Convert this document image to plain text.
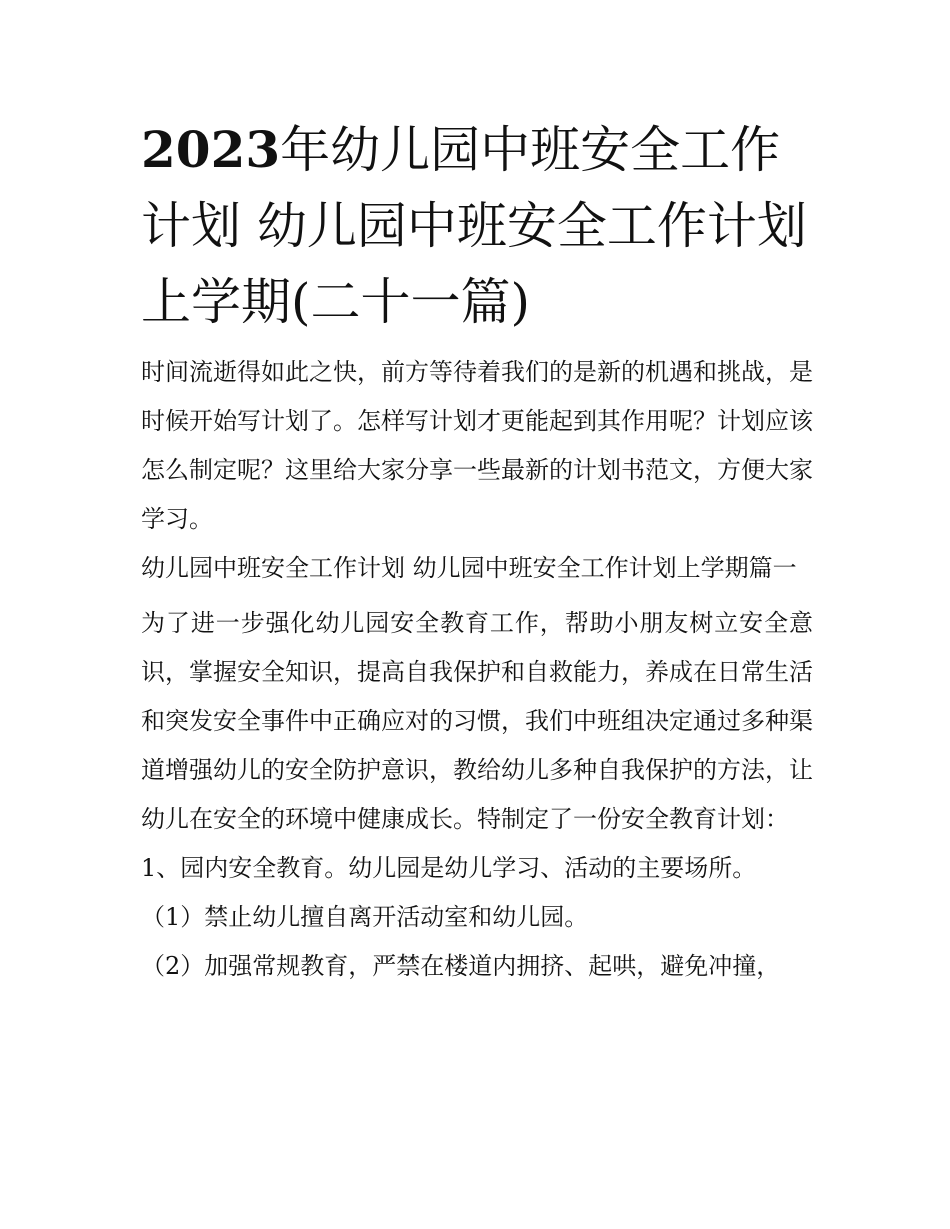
2023年幼儿园中班安全工作计划 幼儿园中班安全工作计划上学期(二十一篇)

时间流逝得如此之快，前方等待着我们的是新的机遇和挑战，是时候开始写计划了。怎样写计划才更能起到其作用呢？计划应该怎么制定呢？这里给大家分享一些最新的计划书范文，方便大家学习。

幼儿园中班安全工作计划 幼儿园中班安全工作计划上学期篇一

为了进一步强化幼儿园安全教育工作，帮助小朋友树立安全意识，掌握安全知识，提高自我保护和自救能力，养成在日常生活和突发安全事件中正确应对的习惯，我们中班组决定通过多种渠道增强幼儿的安全防护意识，教给幼儿多种自我保护的方法，让幼儿在安全的环境中健康成长。特制定了一份安全教育计划：

1、园内安全教育。幼儿园是幼儿学习、活动的主要场所。

（1）禁止幼儿擅自离开活动室和幼儿园。

（2）加强常规教育，严禁在楼道内拥挤、起哄，避免冲撞，
